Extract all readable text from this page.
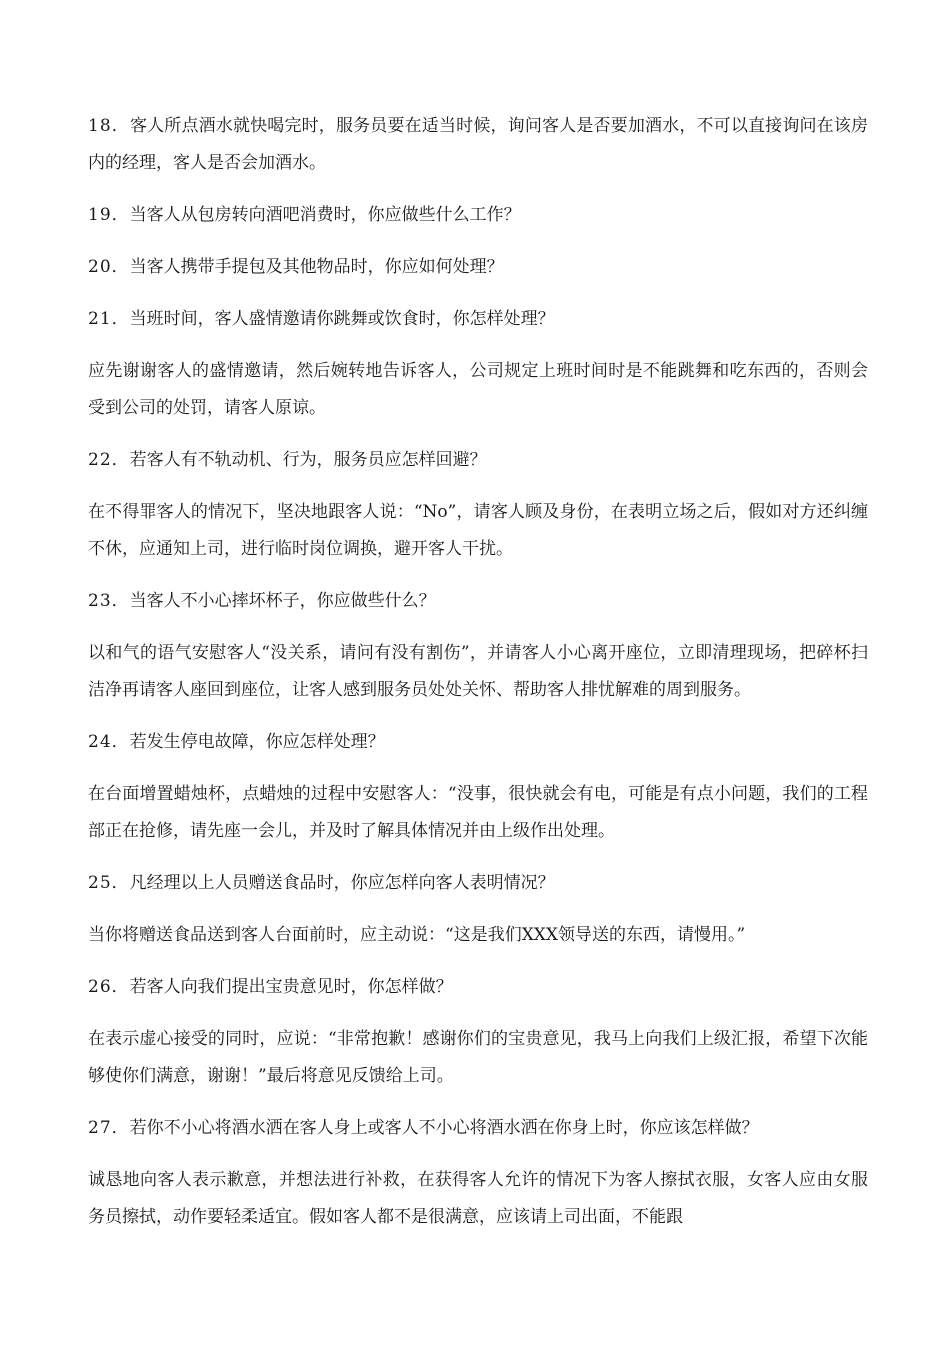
18．客人所点酒水就快喝完时，服务员要在适当时候，询问客人是否要加酒水，不可以直接询问在该房内的经理，客人是否会加酒水。

19．当客人从包房转向酒吧消费时，你应做些什么工作？

20．当客人携带手提包及其他物品时，你应如何处理？

21．当班时间，客人盛情邀请你跳舞或饮食时，你怎样处理？

应先谢谢客人的盛情邀请，然后婉转地告诉客人，公司规定上班时间时是不能跳舞和吃东西的，否则会受到公司的处罚，请客人原谅。

22．若客人有不轨动机、行为，服务员应怎样回避？

在不得罪客人的情况下，坚决地跟客人说：“No”，请客人顾及身份，在表明立场之后，假如对方还纠缠不休，应通知上司，进行临时岗位调换，避开客人干扰。

23．当客人不小心摔坏杯子，你应做些什么？

以和气的语气安慰客人“没关系，请问有没有割伤”，并请客人小心离开座位，立即清理现场，把碎杯扫洁净再请客人座回到座位，让客人感到服务员处处关怀、帮助客人排忧解难的周到服务。

24．若发生停电故障，你应怎样处理？

在台面增置蜡烛杯，点蜡烛的过程中安慰客人：“没事，很快就会有电，可能是有点小问题，我们的工程部正在抢修，请先座一会儿，并及时了解具体情况并由上级作出处理。

25．凡经理以上人员赠送食品时，你应怎样向客人表明情况？

当你将赠送食品送到客人台面前时，应主动说：“这是我们XXX领导送的东西，请慢用。”

26．若客人向我们提出宝贵意见时，你怎样做？

在表示虚心接受的同时，应说：“非常抱歉！感谢你们的宝贵意见，我马上向我们上级汇报，希望下次能够使你们满意，谢谢！”最后将意见反馈给上司。

27．若你不小心将酒水洒在客人身上或客人不小心将酒水洒在你身上时，你应该怎样做？

诚恳地向客人表示歉意，并想法进行补救，在获得客人允许的情况下为客人擦拭衣服，女客人应由女服务员擦拭，动作要轻柔适宜。假如客人都不是很满意，应该请上司出面，不能跟
